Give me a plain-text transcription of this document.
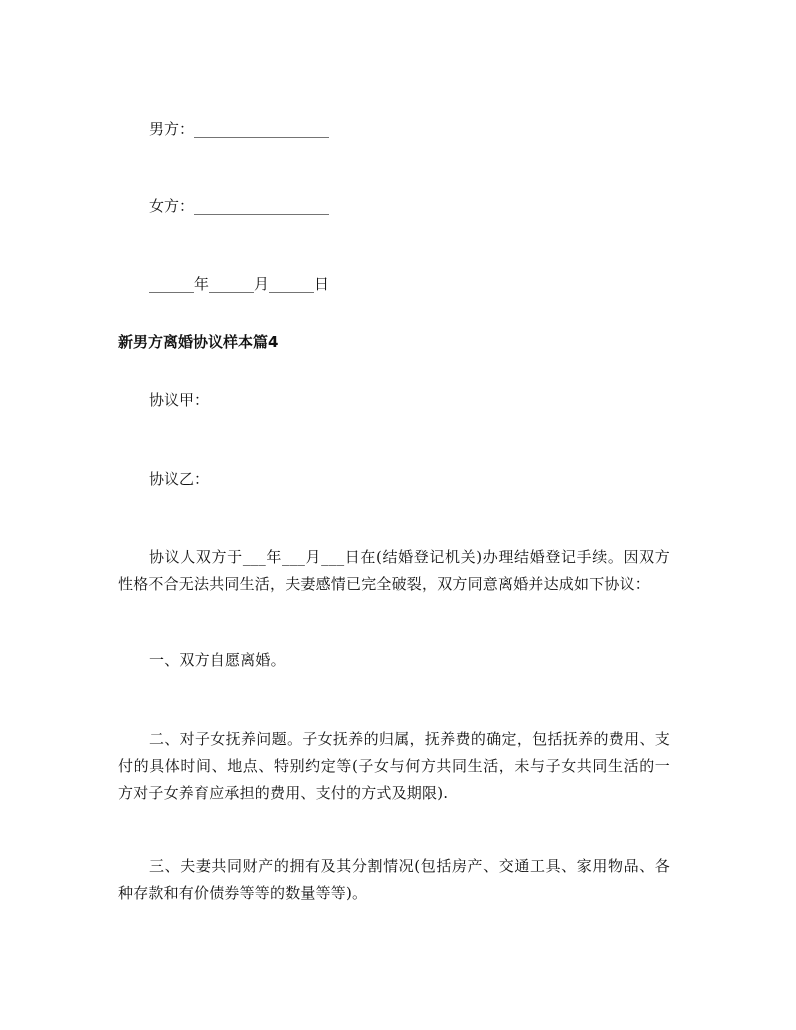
男方：__________________
女方：__________________
______年______月______日
新男方离婚协议样本篇4
协议甲：
协议乙：
协议人双方于___年___月___日在(结婚登记机关)办理结婚登记手续。因双方性格不合无法共同生活，夫妻感情已完全破裂，双方同意离婚并达成如下协议：
一、双方自愿离婚。
二、对子女抚养问题。子女抚养的归属，抚养费的确定，包括抚养的费用、支付的具体时间、地点、特别约定等(子女与何方共同生活，未与子女共同生活的一方对子女养育应承担的费用、支付的方式及期限).
三、夫妻共同财产的拥有及其分割情况(包括房产、交通工具、家用物品、各种存款和有价债券等等的数量等等)。
